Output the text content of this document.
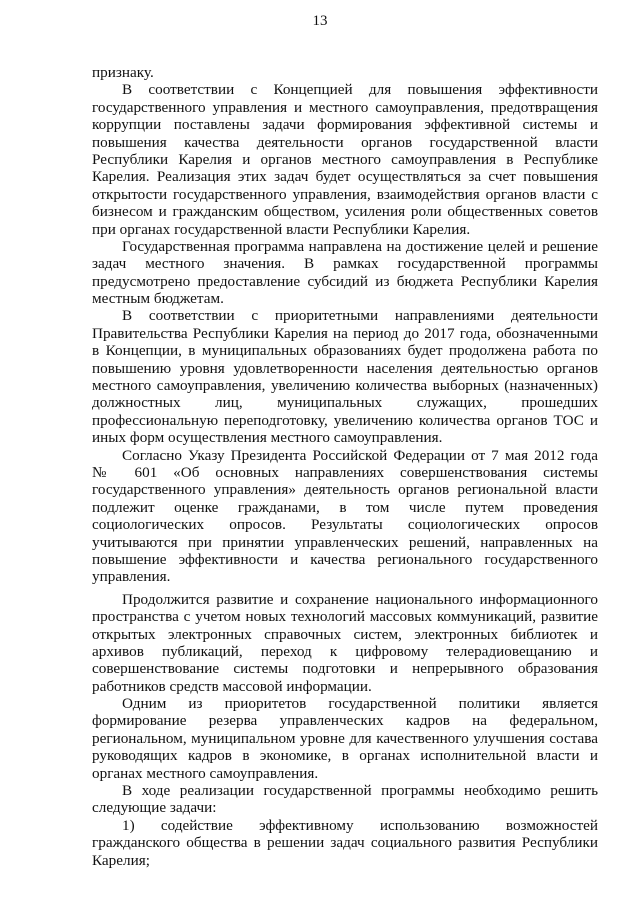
13
признаку.
В соответствии с Концепцией для повышения эффективности
государственного управления и местного самоуправления, предотвращения
коррупции поставлены задачи формирования эффективной системы и
повышения качества деятельности органов государственной власти
Республики Карелия и органов местного самоуправления в Республике
Карелия. Реализация этих задач будет осуществляться за счет повышения
открытости государственного управления, взаимодействия органов власти с
бизнесом и гражданским обществом, усиления роли общественных советов
при органах государственной власти Республики Карелия.
Государственная программа направлена на достижение целей и решение
задач местного значения. В рамках государственной программы
предусмотрено предоставление субсидий из бюджета Республики Карелия
местным бюджетам.
В соответствии с приоритетными направлениями деятельности
Правительства Республики Карелия на период до 2017 года, обозначенными
в Концепции, в муниципальных образованиях будет продолжена работа по
повышению уровня удовлетворенности населения деятельностью органов
местного самоуправления, увеличению количества выборных (назначенных)
должностных лиц, муниципальных служащих, прошедших
профессиональную переподготовку, увеличению количества органов ТОС и
иных форм осуществления местного самоуправления.
Согласно Указу Президента Российской Федерации от 7 мая 2012 года
№ 601 «Об основных направлениях совершенствования системы
государственного управления» деятельность органов региональной власти
подлежит оценке гражданами, в том числе путем проведения
социологических опросов. Результаты социологических опросов
учитываются при принятии управленческих решений, направленных на
повышение эффективности и качества регионального государственного
управления.
Продолжится развитие и сохранение национального информационного
пространства с учетом новых технологий массовых коммуникаций, развитие
открытых электронных справочных систем, электронных библиотек и
архивов публикаций, переход к цифровому телерадиовещанию и
совершенствование системы подготовки и непрерывного образования
работников средств массовой информации.
Одним из приоритетов государственной политики является
формирование резерва управленческих кадров на федеральном,
региональном, муниципальном уровне для качественного улучшения состава
руководящих кадров в экономике, в органах исполнительной власти и
органах местного самоуправления.
В ходе реализации государственной программы необходимо решить
следующие задачи:
1) содействие эффективному использованию возможностей
гражданского общества в решении задач социального развития Республики
Карелия;
